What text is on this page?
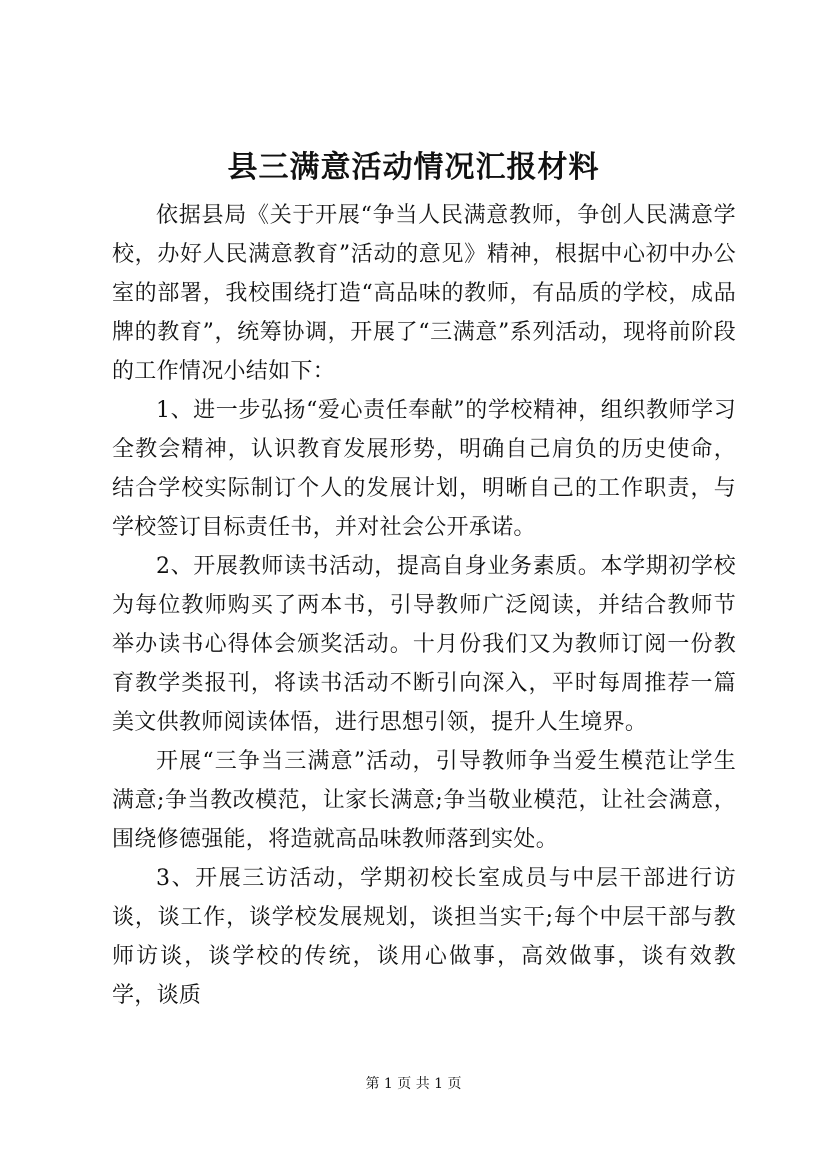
县三满意活动情况汇报材料

依据县局《关于开展“争当人民满意教师，争创人民满意学校，办好人民满意教育”活动的意见》精神，根据中心初中办公室的部署，我校围绕打造“高品味的教师，有品质的学校，成品牌的教育”，统筹协调，开展了“三满意”系列活动，现将前阶段的工作情况小结如下：

1、进一步弘扬“爱心责任奉献”的学校精神，组织教师学习全教会精神，认识教育发展形势，明确自己肩负的历史使命，结合学校实际制订个人的发展计划，明晰自己的工作职责，与学校签订目标责任书，并对社会公开承诺。

2、开展教师读书活动，提高自身业务素质。本学期初学校为每位教师购买了两本书，引导教师广泛阅读，并结合教师节举办读书心得体会颁奖活动。十月份我们又为教师订阅一份教育教学类报刊，将读书活动不断引向深入，平时每周推荐一篇美文供教师阅读体悟，进行思想引领，提升人生境界。

开展“三争当三满意”活动，引导教师争当爱生模范让学生满意;争当教改模范，让家长满意;争当敬业模范，让社会满意，围绕修德强能，将造就高品味教师落到实处。

3、开展三访活动，学期初校长室成员与中层干部进行访谈，谈工作，谈学校发展规划，谈担当实干;每个中层干部与教师访谈，谈学校的传统，谈用心做事，高效做事，谈有效教学，谈质

第 1 页 共 1 页
